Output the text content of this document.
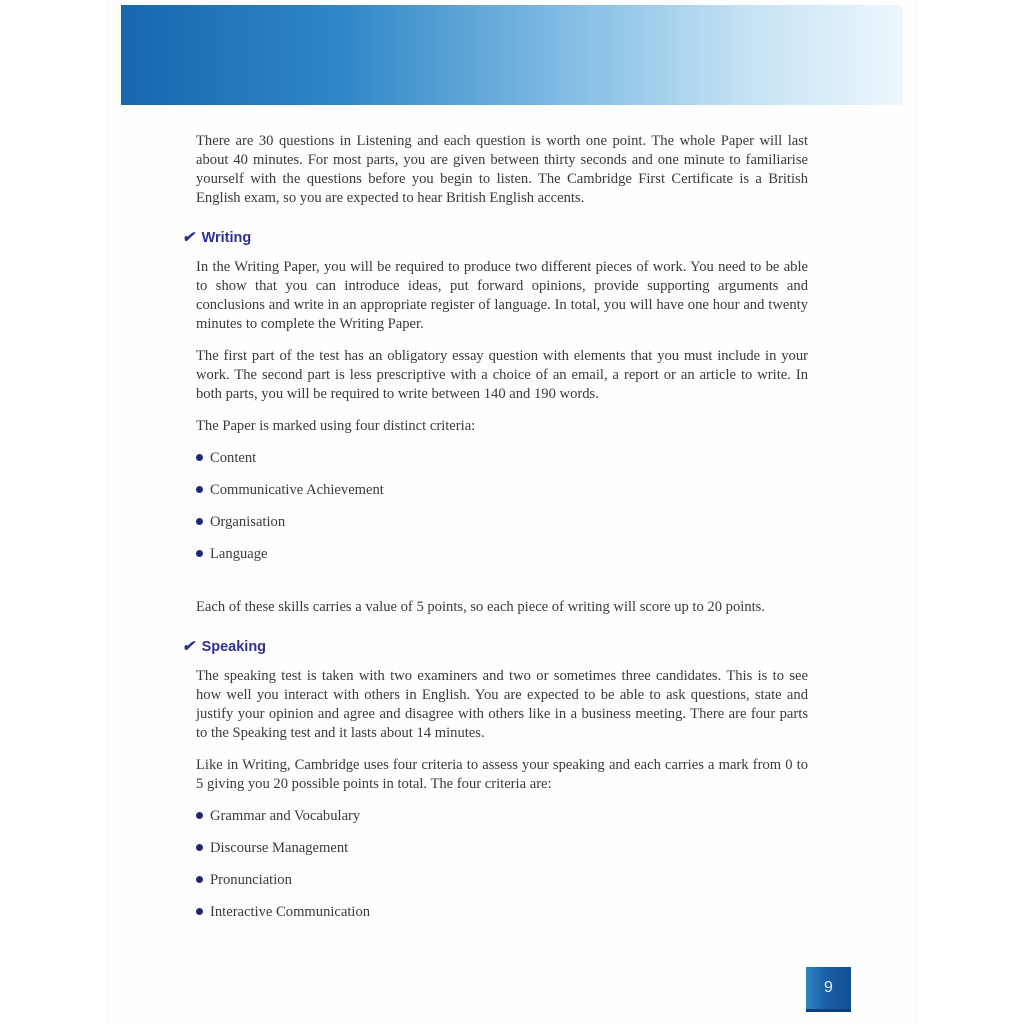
There are 30 questions in Listening and each question is worth one point. The whole Paper will last about 40 minutes. For most parts, you are given between thirty seconds and one minute to familiarise yourself with the questions before you begin to listen. The Cambridge First Certificate is a British English exam, so you are expected to hear British English accents.

✔ Writing

In the Writing Paper, you will be required to produce two different pieces of work. You need to be able to show that you can introduce ideas, put forward opinions, provide supporting arguments and conclusions and write in an appropriate register of language. In total, you will have one hour and twenty minutes to complete the Writing Paper.

The first part of the test has an obligatory essay question with elements that you must include in your work. The second part is less prescriptive with a choice of an email, a report or an article to write. In both parts, you will be required to write between 140 and 190 words.

The Paper is marked using four distinct criteria:

Content
Communicative Achievement
Organisation
Language

Each of these skills carries a value of 5 points, so each piece of writing will score up to 20 points.

✔ Speaking

The speaking test is taken with two examiners and two or sometimes three candidates. This is to see how well you interact with others in English. You are expected to be able to ask questions, state and justify your opinion and agree and disagree with others like in a business meeting. There are four parts to the Speaking test and it lasts about 14 minutes.

Like in Writing, Cambridge uses four criteria to assess your speaking and each carries a mark from 0 to 5 giving you 20 possible points in total. The four criteria are:

Grammar and Vocabulary
Discourse Management
Pronunciation
Interactive Communication
9
